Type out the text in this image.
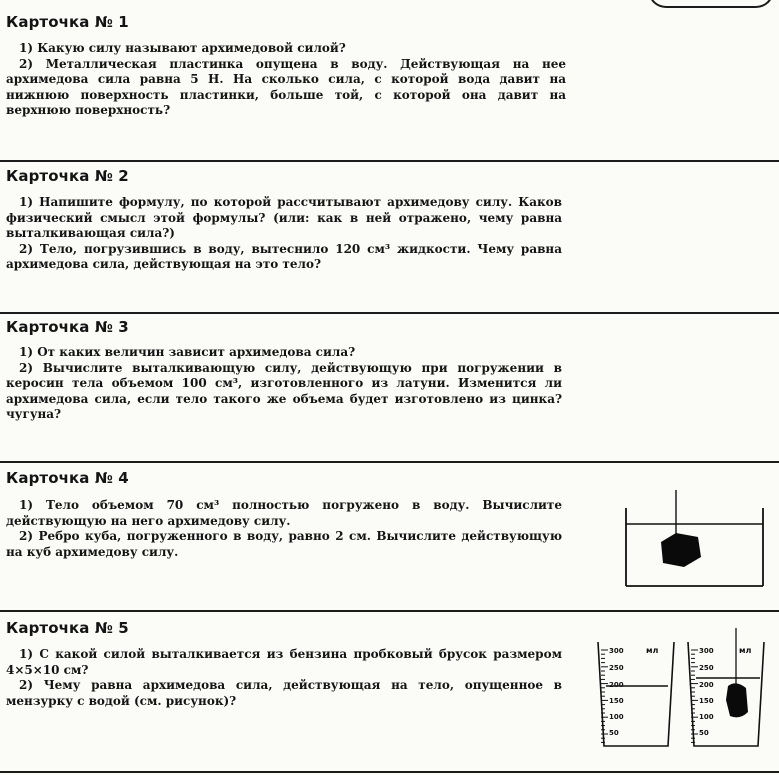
Карточка № 1

1) Какую силу называют архимедовой силой?

2) Металлическая пластинка опущена в воду. Действующая на нее архимедова сила равна 5 Н. На сколько сила, с которой вода давит на нижнюю поверхность пластинки, больше той, с которой она давит на верхнюю поверхность?

Карточка № 2

1) Напишите формулу, по которой рассчитывают архимедову силу. Каков физический смысл этой формулы? (или: как в ней отражено, чему равна выталкивающая сила?)

2) Тело, погрузившись в воду, вытеснило 120 см³ жидкости. Чему равна архимедова сила, действующая на это тело?

Карточка № 3

1) От каких величин зависит архимедова сила?

2) Вычислите выталкивающую силу, действующую при погружении в керосин тела объемом 100 см³, изготовленного из латуни. Изменится ли архимедова сила, если тело такого же объема будет изготовлено из цинка? чугуна?

Карточка № 4

1) Тело объемом 70 см³ полностью погружено в воду. Вычислите действующую на него архимедову силу.

2) Ребро куба, погруженного в воду, равно 2 см. Вычислите действующую на куб архимедову силу.

Карточка № 5

1) С какой силой выталкивается из бензина пробковый брусок размером 4×5×10 см?

2) Чему равна архимедова сила, действующая на тело, опущенное в мензурку с водой (см. рисунок)?

мл
300
250
200
150
100
50
мл
300
250
200
150
100
50
